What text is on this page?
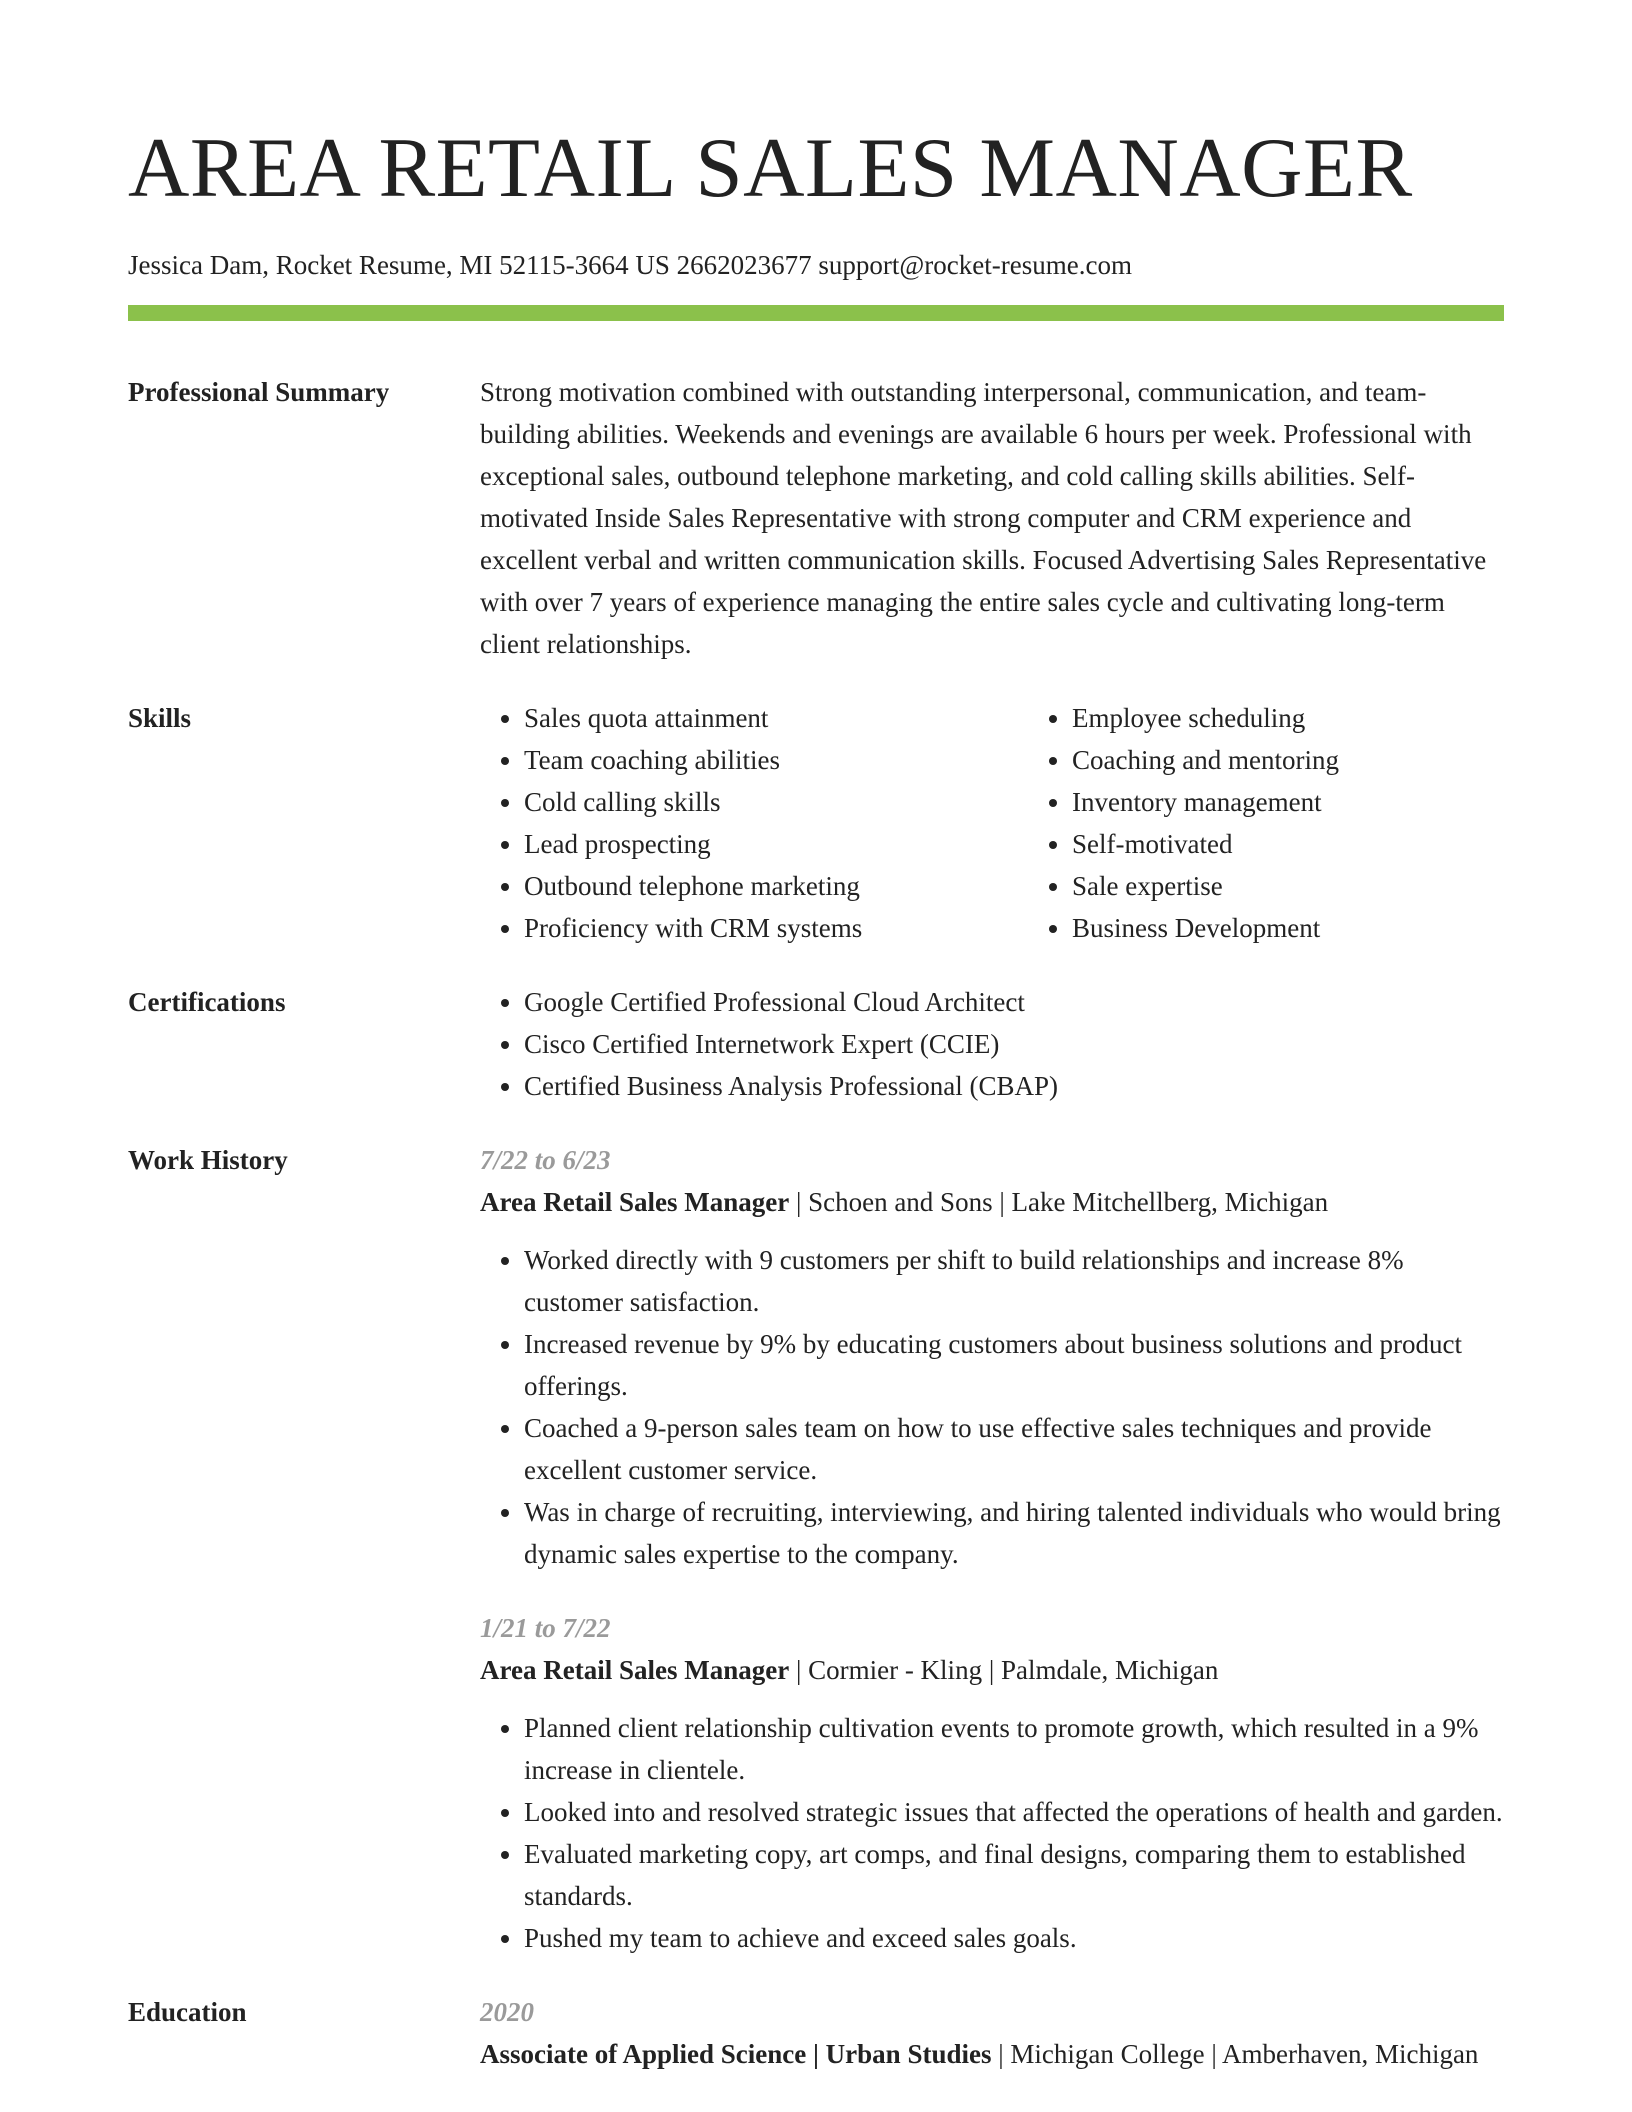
AREA RETAIL SALES MANAGER
Jessica Dam, Rocket Resume, MI 52115-3664 US 2662023677 support@rocket-resume.com
Professional Summary	Strong motivation combined with outstanding interpersonal, communication, and team-building abilities. Weekends and evenings are available 6 hours per week. Professional with exceptional sales, outbound telephone marketing, and cold calling skills abilities. Self-motivated Inside Sales Representative with strong computer and CRM experience and excellent verbal and written communication skills. Focused Advertising Sales Representative with over 7 years of experience managing the entire sales cycle and cultivating long-term client relationships.

Skills	• Sales quota attainment
• Team coaching abilities
• Cold calling skills
• Lead prospecting
• Outbound telephone marketing
• Proficiency with CRM systems
• Employee scheduling
• Coaching and mentoring
• Inventory management
• Self-motivated
• Sale expertise
• Business Development
Certifications	• Google Certified Professional Cloud Architect
• Cisco Certified Internetwork Expert (CCIE)
• Certified Business Analysis Professional (CBAP)
Work History	7/22 to 6/23
Area Retail Sales Manager | Schoen and Sons | Lake Mitchellberg, Michigan
• Worked directly with 9 customers per shift to build relationships and increase 8% customer satisfaction.
• Increased revenue by 9% by educating customers about business solutions and product offerings.
• Coached a 9-person sales team on how to use effective sales techniques and provide excellent customer service.
• Was in charge of recruiting, interviewing, and hiring talented individuals who would bring dynamic sales expertise to the company.
1/21 to 7/22
Area Retail Sales Manager | Cormier - Kling | Palmdale, Michigan
• Planned client relationship cultivation events to promote growth, which resulted in a 9% increase in clientele.
• Looked into and resolved strategic issues that affected the operations of health and garden.
• Evaluated marketing copy, art comps, and final designs, comparing them to established standards.
• Pushed my team to achieve and exceed sales goals.
Education	2020
Associate of Applied Science | Urban Studies | Michigan College | Amberhaven, Michigan
